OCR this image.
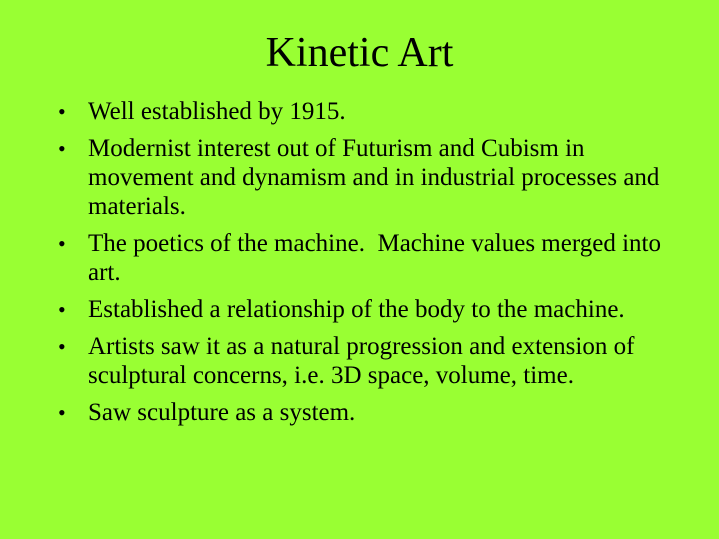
Kinetic Art
• Well established by 1915.
• Modernist interest out of Futurism and Cubism in movement and dynamism and in industrial processes and materials.
• The poetics of the machine.  Machine values merged into art.
• Established a relationship of the body to the machine.
• Artists saw it as a natural progression and extension of sculptural concerns, i.e. 3D space, volume, time.
• Saw sculpture as a system.
